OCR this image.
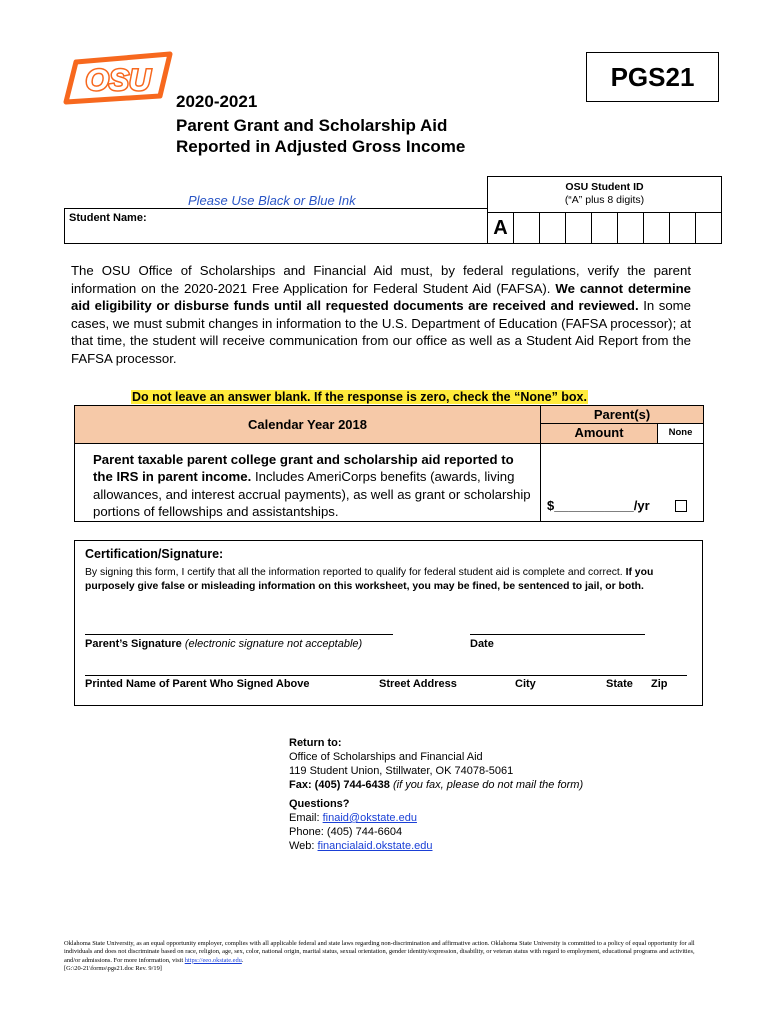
OSU	PGS21
2020-2021
Parent Grant and Scholarship Aid
Reported in Adjusted Gross Income
Please Use Black or Blue Ink
OSU Student ID
(“A” plus 8 digits)
A
Student Name:
The OSU Office of Scholarships and Financial Aid must, by federal regulations, verify the parent information on the 2020-2021 Free Application for Federal Student Aid (FAFSA). We cannot determine aid eligibility or disburse funds until all requested documents are received and reviewed. In some cases, we must submit changes in information to the U.S. Department of Education (FAFSA processor); at that time, the student will receive communication from our office as well as a Student Aid Report from the FAFSA processor.
Do not leave an answer blank. If the response is zero, check the “None” box.
Calendar Year 2018
Parent(s)
Amount	None
Parent taxable parent college grant and scholarship aid reported to the IRS in parent income. Includes AmeriCorps benefits (awards, living allowances, and interest accrual payments), as well as grant or scholarship portions of fellowships and assistantships.	$___________/yr
Certification/Signature:
By signing this form, I certify that all the information reported to qualify for federal student aid is complete and correct. If you purposely give false or misleading information on this worksheet, you may be fined, be sentenced to jail, or both.
Parent’s Signature (electronic signature not acceptable)	Date
Printed Name of Parent Who Signed Above	Street Address	City	State Zip
Return to:
Office of Scholarships and Financial Aid
119 Student Union, Stillwater, OK 74078-5061
Fax: (405) 744-6438 (if you fax, please do not mail the form)
Questions?
Email: finaid@okstate.edu
Phone: (405) 744-6604
Web: financialaid.okstate.edu
Oklahoma State University, as an equal opportunity employer, complies with all applicable federal and state laws regarding non-discrimination and affirmative action. Oklahoma State University is committed to a policy of equal opportunity for all individuals and does not discriminate based on race, religion, age, sex, color, national origin, marital status, sexual orientation, gender identity/expression, disability, or veteran status with regard to employment, educational programs and activities, and/or admissions. For more information, visit https://eeo.okstate.edu.
[G:\20-21\forms\pgs21.doc Rev. 9/19]
